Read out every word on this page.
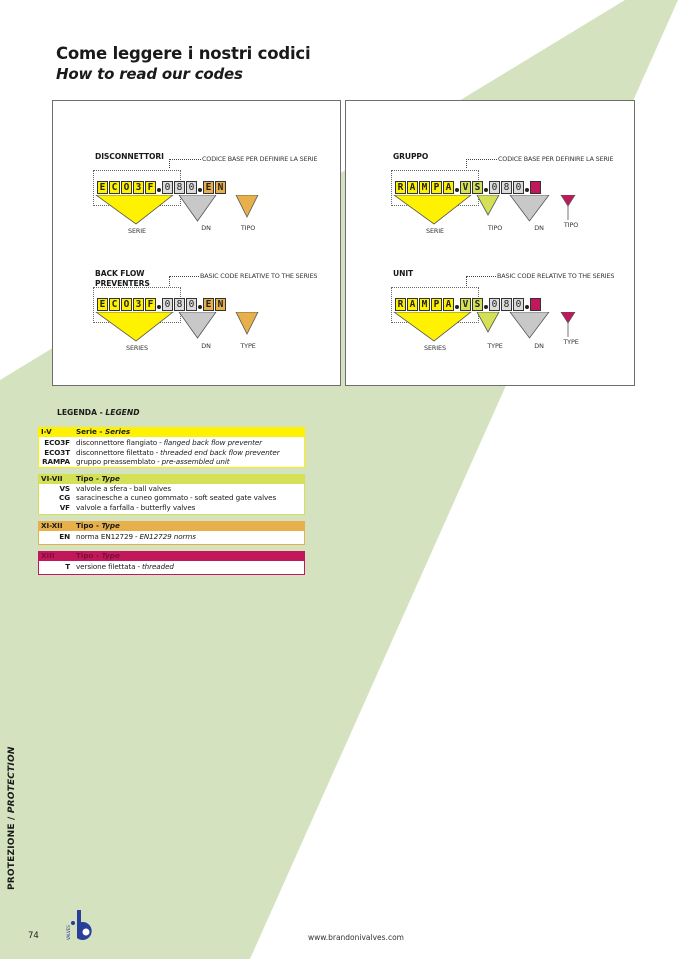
Come leggere i nostri codici
How to read our codes
DISCONNETTORI	CODICE BASE PER DEFINIRE LA SERIE
E C O 3 F 0 8 0 E N
SERIE	DN	TIPO
BACK FLOW
PREVENTERS
BASIC CODE RELATIVE TO THE SERIES
E C O 3 F 0 8 0 E N
SERIES	DN	TYPE
GRUPPO	CODICE BASE PER DEFINIRE LA SERIE
R A M P A V S 0 8 0 -
SERIE	TIPO	DN	TIPO
UNIT	BASIC CODE RELATIVE TO THE SERIES
R A M P A V S 0 8 0 -
SERIES	TYPE	DN	TYPE
LEGENDA - LEGEND
I-V	Serie - Series
ECO3F disconnettore flangiato - flanged back flow preventer
ECO3T disconnettore filettato - threaded end back flow preventer
RAMPA gruppo preassemblato - pre-assembled unit
VI-VII Tipo - Type
VS valvole a sfera - ball valves
CG saracinesche a cuneo gommato - soft seated gate valves
VF valvole a farfalla - butterfly valves
XI-XII Tipo - Type
EN norma EN12729 - EN12729 norms
XIII	Tipo - Type
T versione filettata - threaded
PROTEZIONE / PROTECTION
74	VALVES	www.brandonivalves.com
